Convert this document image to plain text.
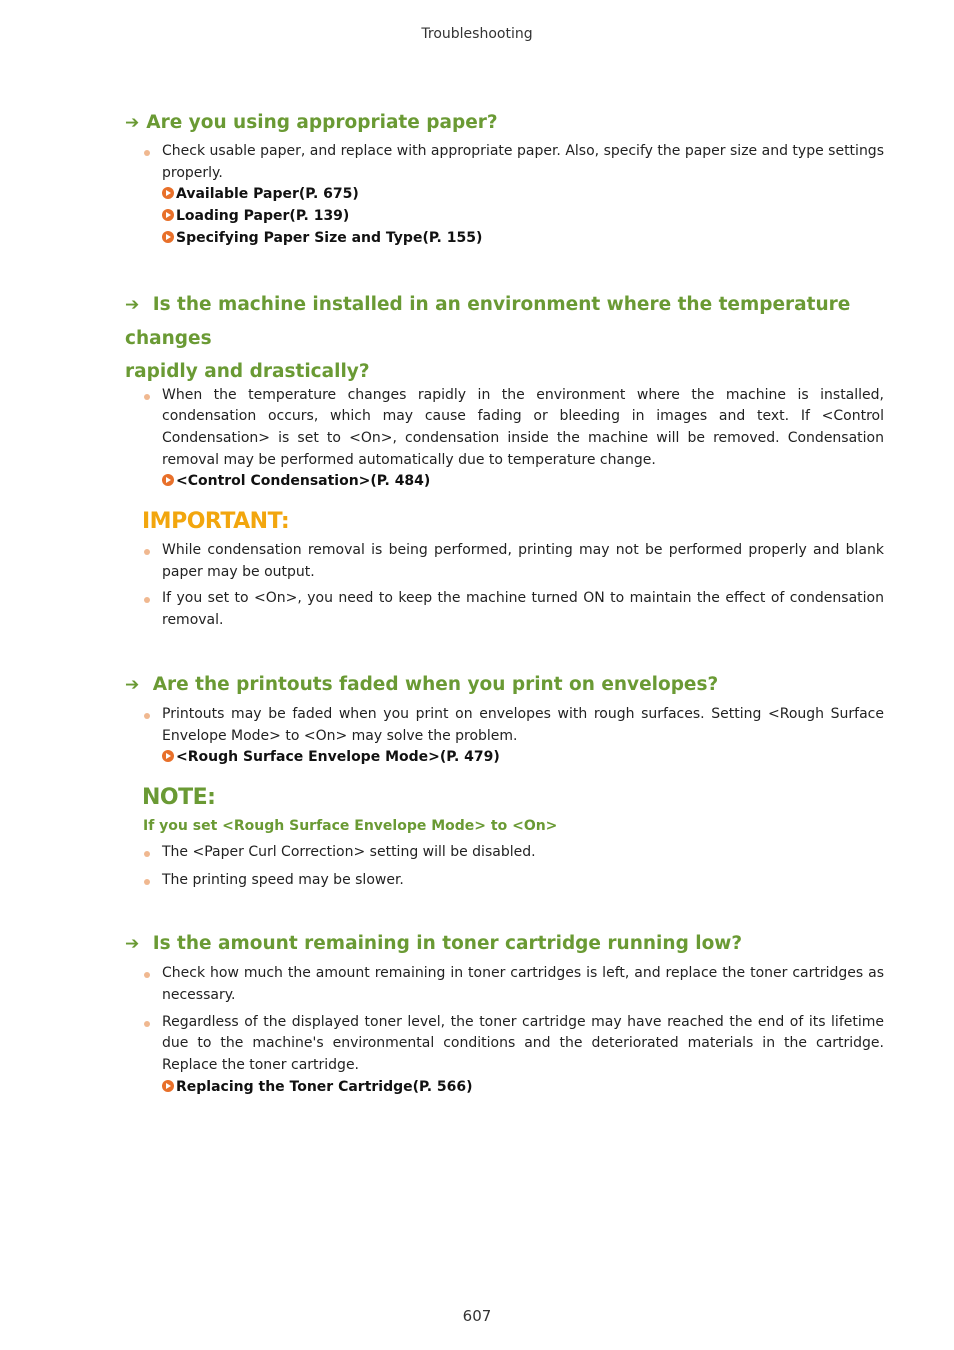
Troubleshooting
➔ Are you using appropriate paper?
Check usable paper, and replace with appropriate paper. Also, specify the paper size and type settings properly.
Available Paper(P. 675)
Loading Paper(P. 139)
Specifying Paper Size and Type(P. 155)
➔ Is the machine installed in an environment where the temperature changes
rapidly and drastically?
When the temperature changes rapidly in the environment where the machine is installed, condensation occurs, which may cause fading or bleeding in images and text. If <Control Condensation> is set to <On>, condensation inside the machine will be removed. Condensation removal may be performed automatically due to temperature change.
<Control Condensation>(P. 484)
IMPORTANT:
While condensation removal is being performed, printing may not be performed properly and blank paper may be output.
If you set to <On>, you need to keep the machine turned ON to maintain the effect of condensation removal.
➔ Are the printouts faded when you print on envelopes?
Printouts may be faded when you print on envelopes with rough surfaces. Setting <Rough Surface Envelope Mode> to <On> may solve the problem.
<Rough Surface Envelope Mode>(P. 479)
NOTE:
If you set <Rough Surface Envelope Mode> to <On>
The <Paper Curl Correction> setting will be disabled.
The printing speed may be slower.
➔ Is the amount remaining in toner cartridge running low?
Check how much the amount remaining in toner cartridges is left, and replace the toner cartridges as necessary.
Regardless of the displayed toner level, the toner cartridge may have reached the end of its lifetime due to the machine's environmental conditions and the deteriorated materials in the cartridge. Replace the toner cartridge.
Replacing the Toner Cartridge(P. 566)
607
